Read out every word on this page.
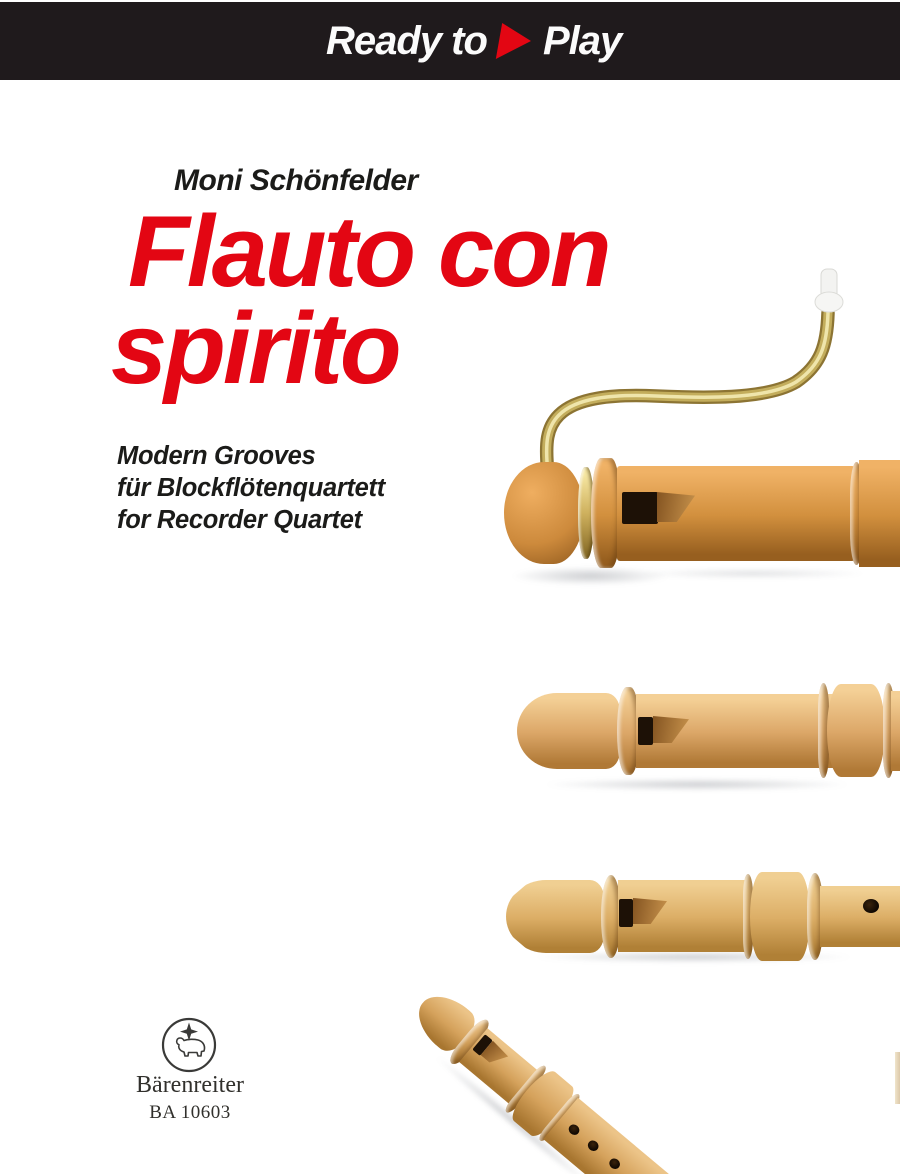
Ready to Play
Moni Schönfelder
Flauto con
spirito
Modern Grooves
für Blockflötenquartett
for Recorder Quartet
Bärenreiter
BA 10603
